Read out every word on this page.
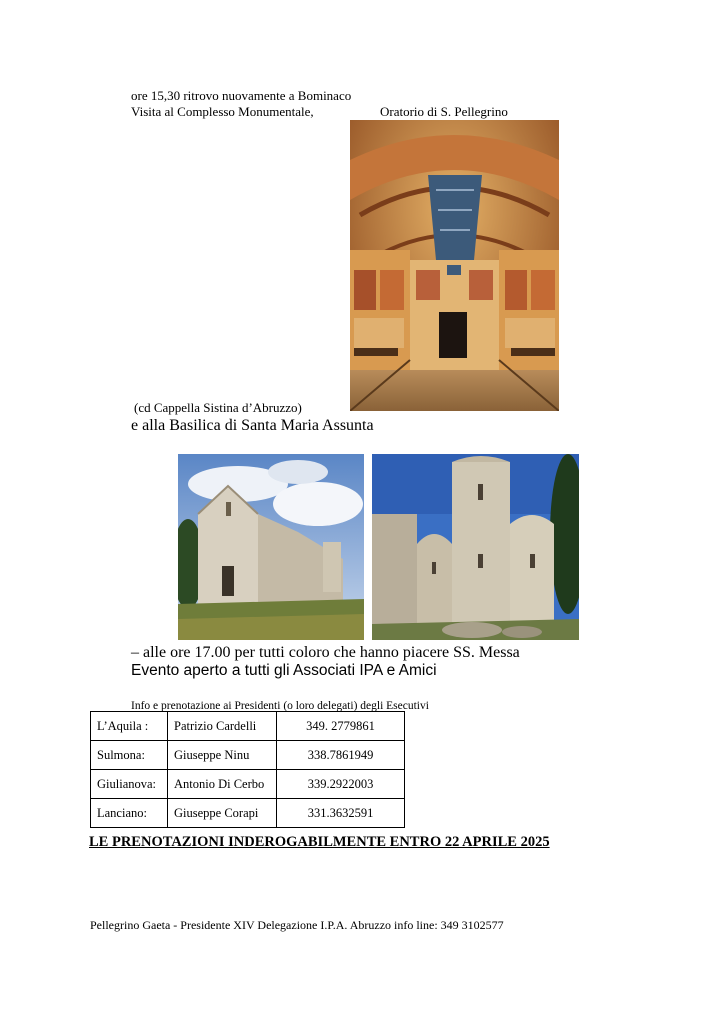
ore 15,30 ritrovo nuovamente a Bominaco
Visita al Complesso Monumentale,	Oratorio di S. Pellegrino
(cd Cappella Sistina d’Abruzzo)
e alla Basilica di Santa Maria Assunta
– alle ore 17.00 per tutti coloro che hanno piacere SS. Messa
Evento aperto a tutti gli Associati IPA e Amici
Info e prenotazione ai Presidenti (o loro delegati) degli Esecutivi
L’Aquila :	Patrizio Cardelli	349. 2779861
Sulmona:	Giuseppe Ninu	338.7861949
Giulianova:	Antonio Di Cerbo	339.2922003
Lanciano:	Giuseppe Corapi	331.3632591
LE PRENOTAZIONI INDEROGABILMENTE ENTRO 22 APRILE 2025
Pellegrino Gaeta - Presidente XIV Delegazione I.P.A. Abruzzo info line: 349 3102577
